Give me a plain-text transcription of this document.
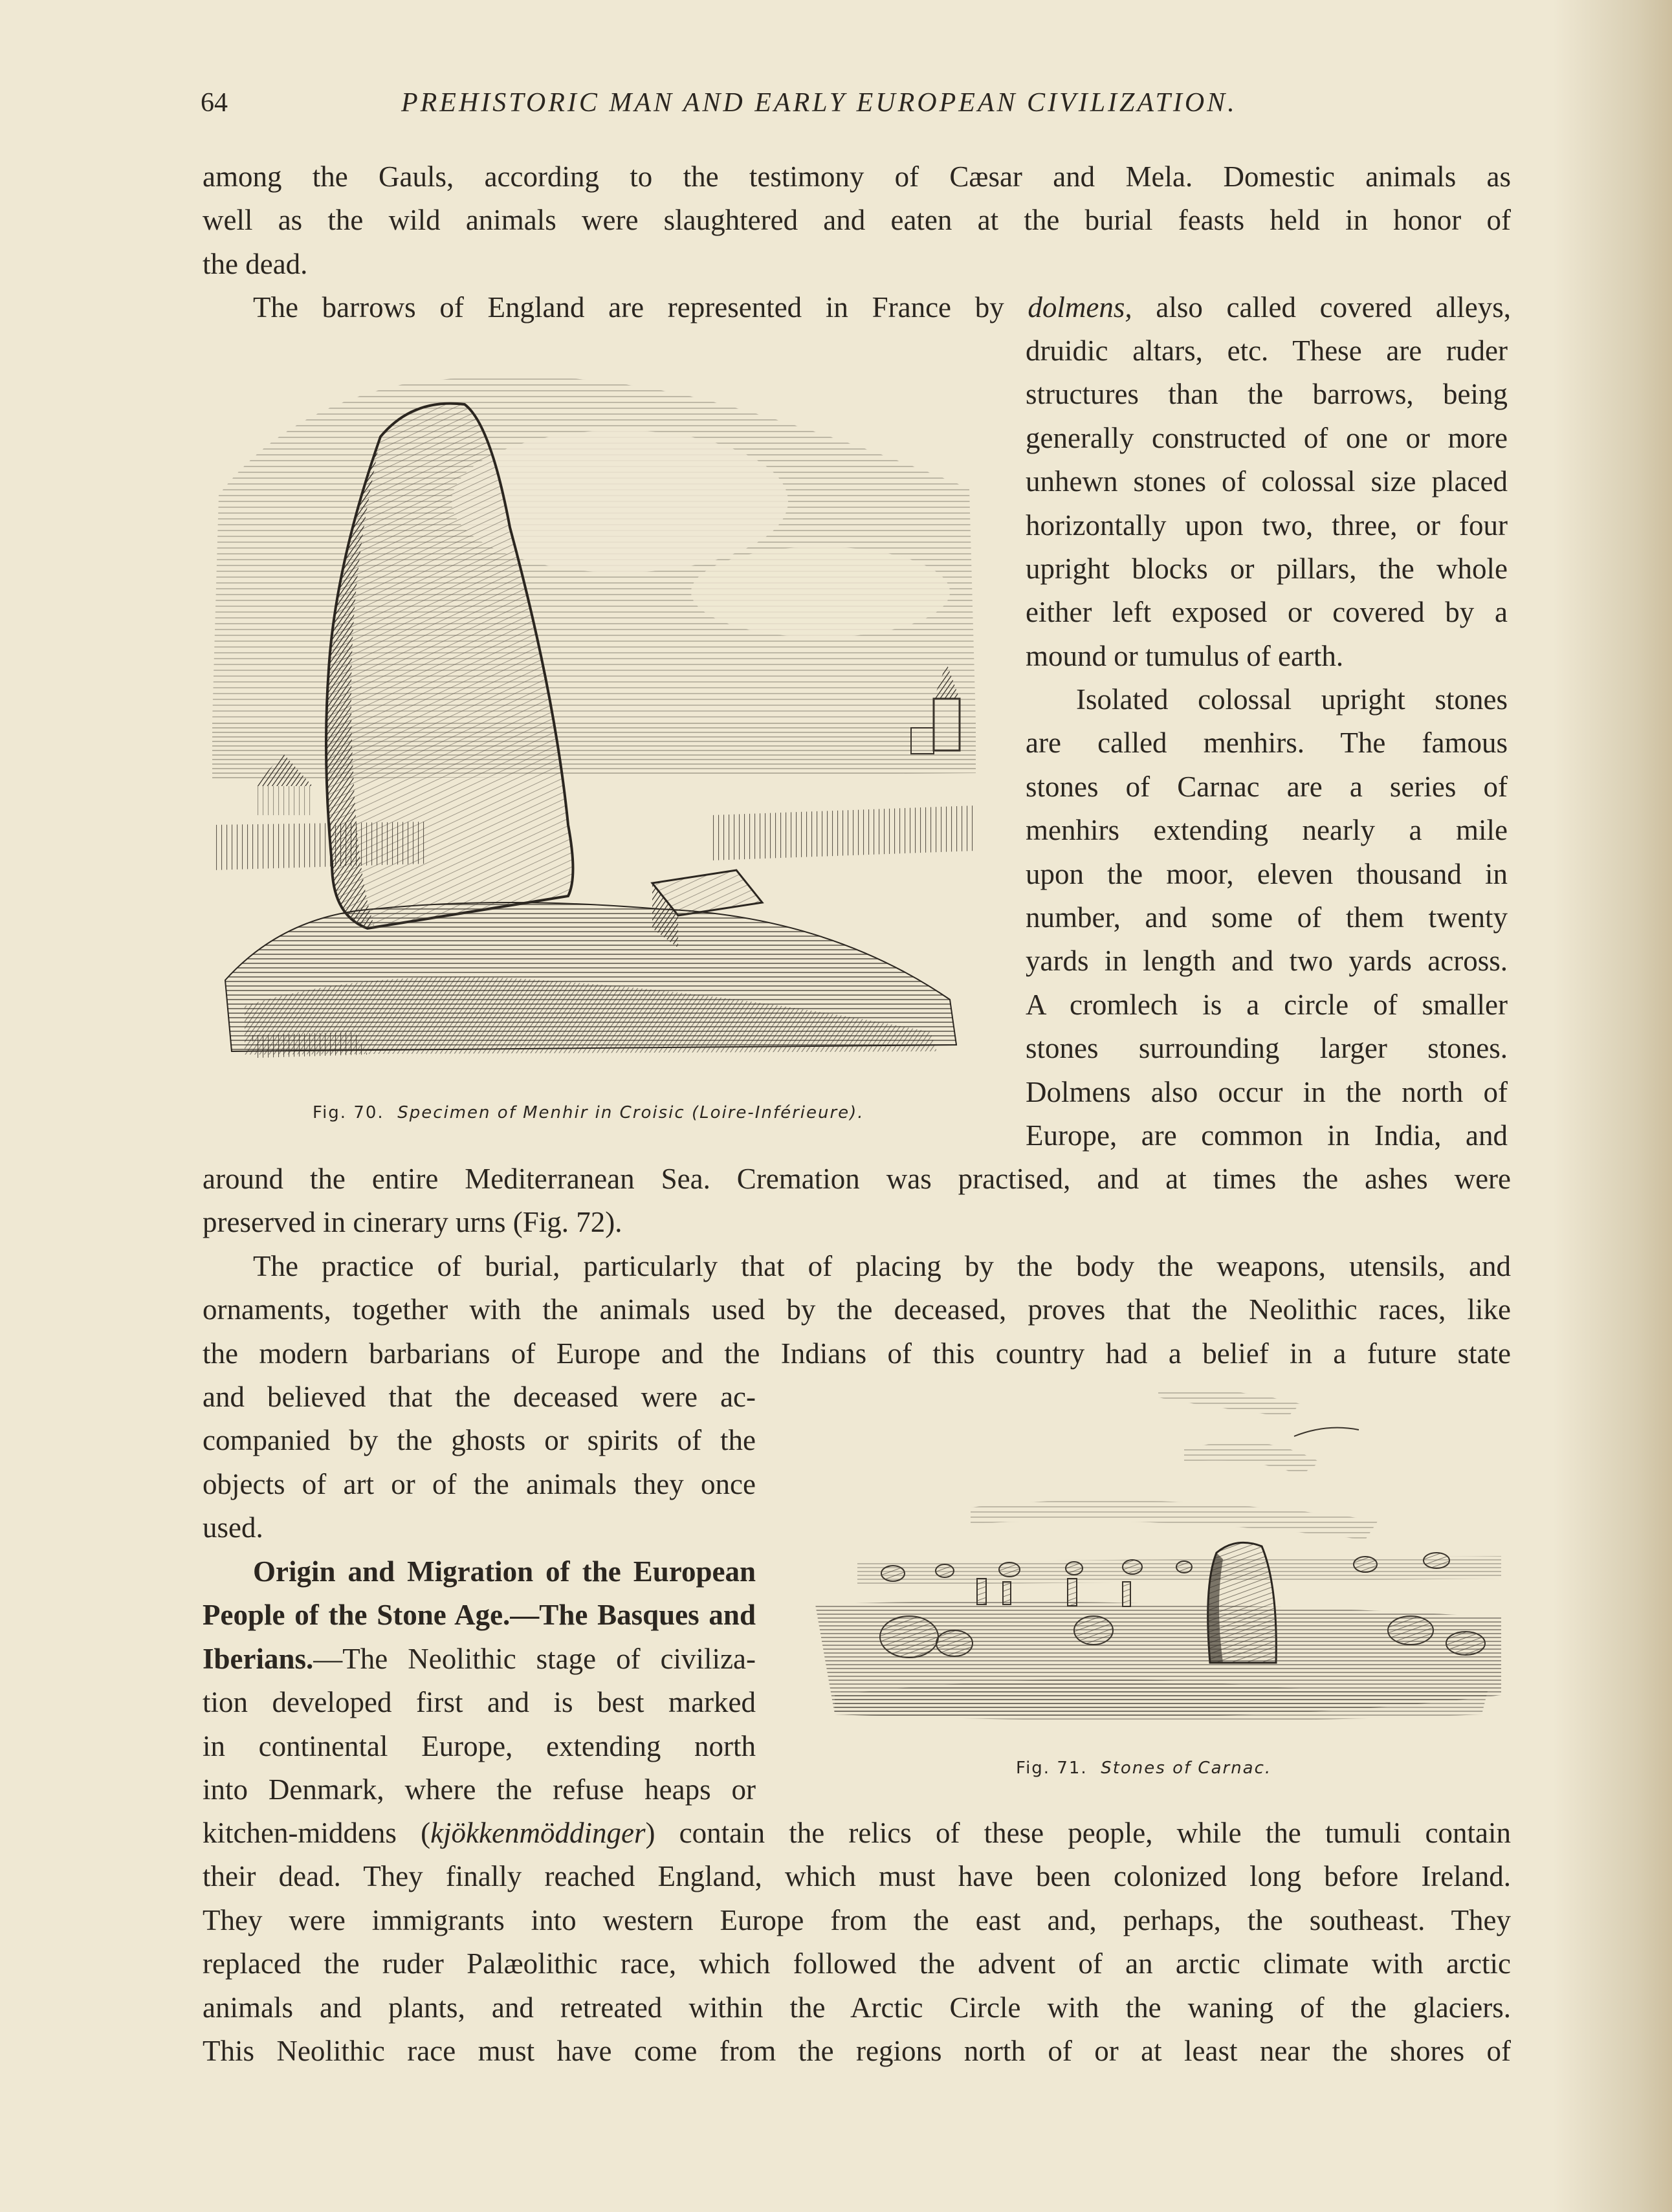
64	PREHISTORIC MAN AND EARLY EUROPEAN CIVILIZATION.
among the Gauls, according to the testimony of Cæsar and Mela. Domestic animals as
well as the wild animals were slaughtered and eaten at the burial feasts held in honor of
the dead.
The barrows of England are represented in France by dolmens, also called covered alleys,
druidic altars, etc. These are ruder
structures than the barrows, being
generally constructed of one or more
unhewn stones of colossal size placed
horizontally upon two, three, or four
upright blocks or pillars, the whole
either left exposed or covered by a
mound or tumulus of earth.
Isolated colossal upright stones
are called menhirs. The famous
stones of Carnac are a series of
menhirs extending nearly a mile
upon the moor, eleven thousand in
number, and some of them twenty
yards in length and two yards across.
A cromlech is a circle of smaller
stones surrounding larger stones.
Dolmens also occur in the north of
Europe, are common in India, and
around the entire Mediterranean Sea. Cremation was practised, and at times the ashes were
preserved in cinerary urns (Fig. 72).
The practice of burial, particularly that of placing by the body the weapons, utensils, and
ornaments, together with the animals used by the deceased, proves that the Neolithic races, like
the modern barbarians of Europe and the Indians of this country had a belief in a future state
and believed that the deceased were ac-
companied by the ghosts or spirits of the
objects of art or of the animals they once
used.
Origin and Migration of the European
People of the Stone Age.—The Basques and
Iberians.—The Neolithic stage of civiliza-
tion developed first and is best marked
in continental Europe, extending north
into Denmark, where the refuse heaps or
kitchen-middens (kjökkenmöddinger) contain the relics of these people, while the tumuli contain
their dead. They finally reached England, which must have been colonized long before Ireland.
They were immigrants into western Europe from the east and, perhaps, the southeast. They
replaced the ruder Palæolithic race, which followed the advent of an arctic climate with arctic
animals and plants, and retreated within the Arctic Circle with the waning of the glaciers.
This Neolithic race must have come from the regions north of or at least near the shores of
Fig. 70. Specimen of Menhir in Croisic (Loire-Inférieure).
Fig. 71. Stones of Carnac.
